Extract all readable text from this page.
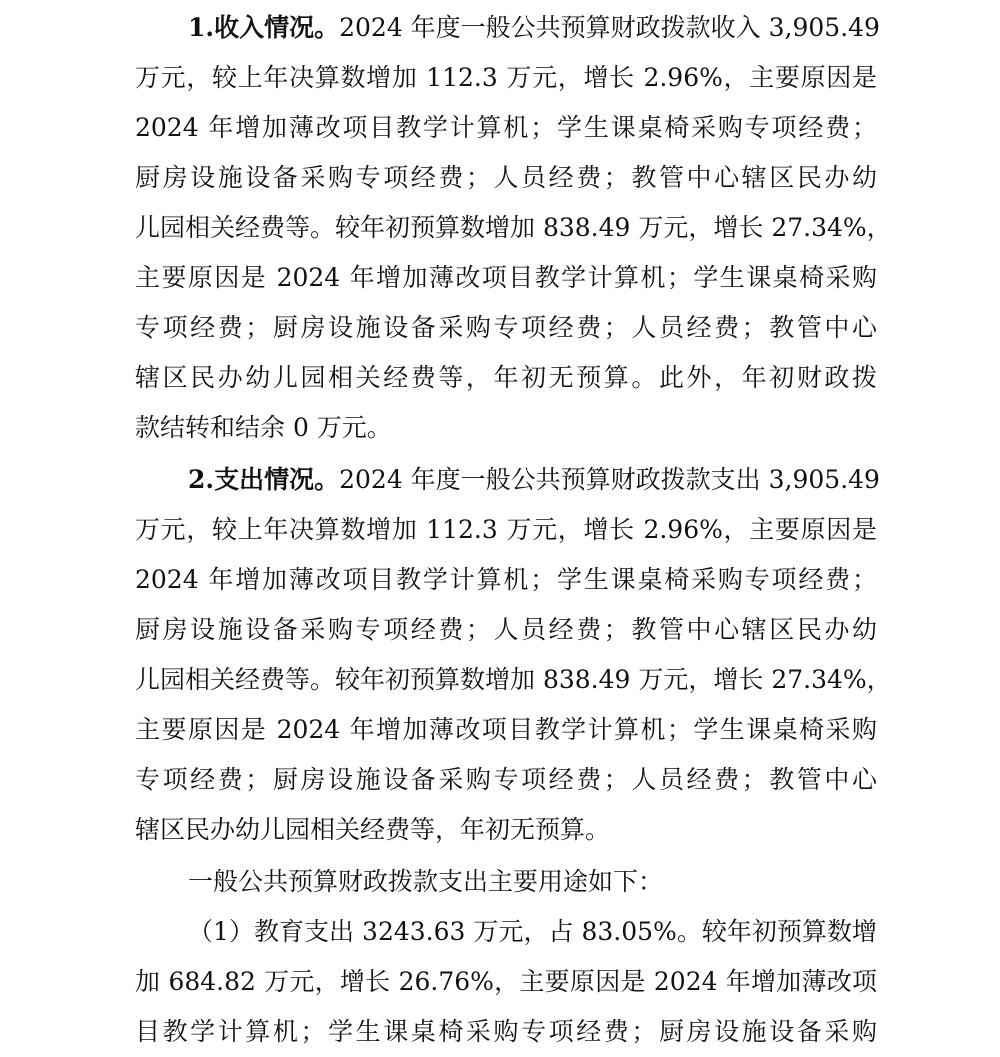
1.收入情况。2024 年度一般公共预算财政拨款收入 3,905.49
万元，较上年决算数增加 112.3 万元，增长 2.96%，主要原因是
2024 年增加薄改项目教学计算机；学生课桌椅采购专项经费；
厨房设施设备采购专项经费；人员经费；教管中心辖区民办幼
儿园相关经费等。较年初预算数增加 838.49 万元，增长 27.34%，
主要原因是 2024 年增加薄改项目教学计算机；学生课桌椅采购
专项经费；厨房设施设备采购专项经费；人员经费；教管中心
辖区民办幼儿园相关经费等，年初无预算。此外，年初财政拨
款结转和结余 0 万元。
2.支出情况。2024 年度一般公共预算财政拨款支出 3,905.49
万元，较上年决算数增加 112.3 万元，增长 2.96%，主要原因是
2024 年增加薄改项目教学计算机；学生课桌椅采购专项经费；
厨房设施设备采购专项经费；人员经费；教管中心辖区民办幼
儿园相关经费等。较年初预算数增加 838.49 万元，增长 27.34%，
主要原因是 2024 年增加薄改项目教学计算机；学生课桌椅采购
专项经费；厨房设施设备采购专项经费；人员经费；教管中心
辖区民办幼儿园相关经费等，年初无预算。
一般公共预算财政拨款支出主要用途如下：
（1）教育支出 3243.63 万元，占 83.05%。较年初预算数增
加 684.82 万元，增长 26.76%，主要原因是 2024 年增加薄改项
目教学计算机；学生课桌椅采购专项经费；厨房设施设备采购
